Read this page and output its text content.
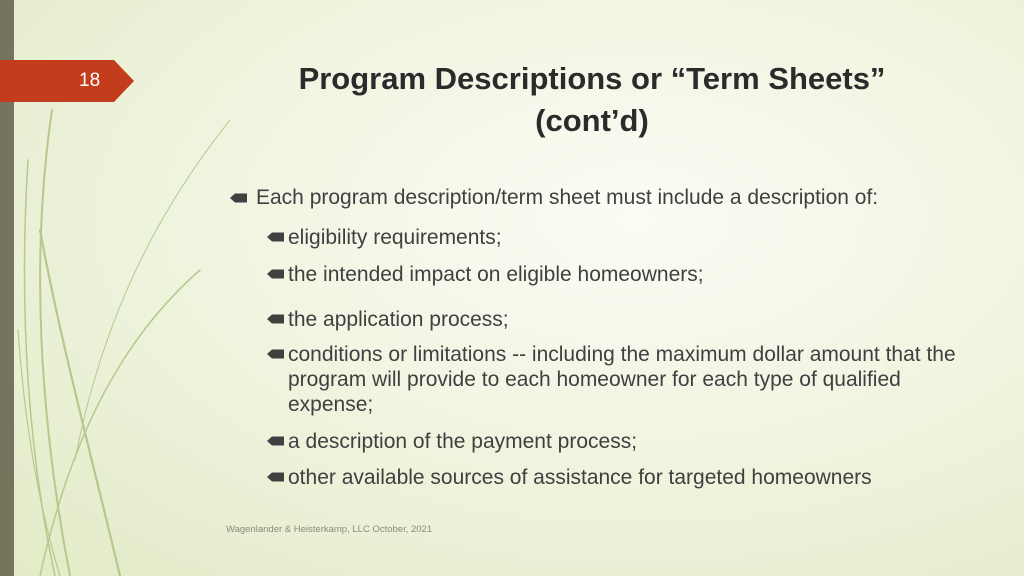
18	Program Descriptions or “Term Sheets” (cont’d)
Each program description/term sheet must include a description of:
eligibility requirements;
the intended impact on eligible homeowners;
the application process;
conditions or limitations -- including the maximum dollar amount that the program will provide to each homeowner for each type of qualified expense;
a description of the payment process;
other available sources of assistance for targeted homeowners
Wagenlander & Heisterkamp, LLC October, 2021
